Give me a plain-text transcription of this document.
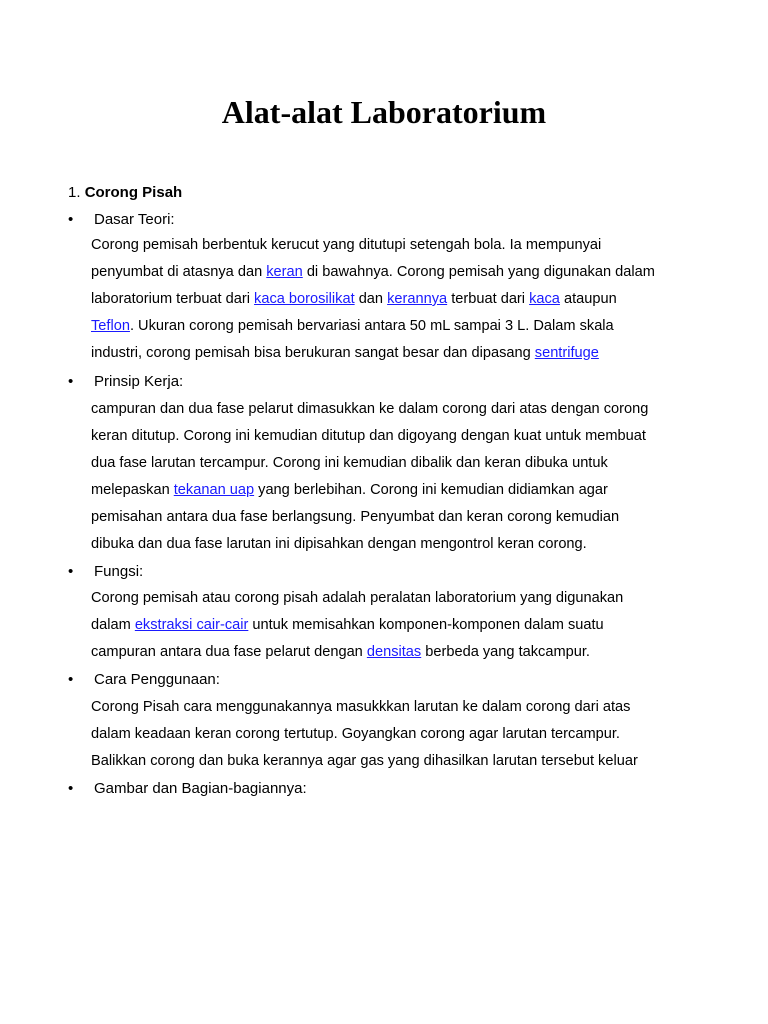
Alat-alat Laboratorium
1. Corong Pisah
• Dasar Teori:
Corong pemisah berbentuk kerucut yang ditutupi setengah bola. Ia mempunyai
penyumbat di atasnya dan keran di bawahnya. Corong pemisah yang digunakan dalam
laboratorium terbuat dari kaca borosilikat dan kerannya terbuat dari kaca ataupun
Teflon. Ukuran corong pemisah bervariasi antara 50 mL sampai 3 L. Dalam skala
industri, corong pemisah bisa berukuran sangat besar dan dipasang sentrifuge
• Prinsip Kerja:
campuran dan dua fase pelarut dimasukkan ke dalam corong dari atas dengan corong
keran ditutup. Corong ini kemudian ditutup dan digoyang dengan kuat untuk membuat
dua fase larutan tercampur. Corong ini kemudian dibalik dan keran dibuka untuk
melepaskan tekanan uap yang berlebihan. Corong ini kemudian didiamkan agar
pemisahan antara dua fase berlangsung. Penyumbat dan keran corong kemudian
dibuka dan dua fase larutan ini dipisahkan dengan mengontrol keran corong.
• Fungsi:
Corong pemisah atau corong pisah adalah peralatan laboratorium yang digunakan
dalam ekstraksi cair-cair untuk memisahkan komponen-komponen dalam suatu
campuran antara dua fase pelarut dengan densitas berbeda yang takcampur.
• Cara Penggunaan:
Corong Pisah cara menggunakannya masukkkan larutan ke dalam corong dari atas
dalam keadaan keran corong tertutup. Goyangkan corong agar larutan tercampur.
Balikkan corong dan buka kerannya agar gas yang dihasilkan larutan tersebut keluar
• Gambar dan Bagian-bagiannya:
